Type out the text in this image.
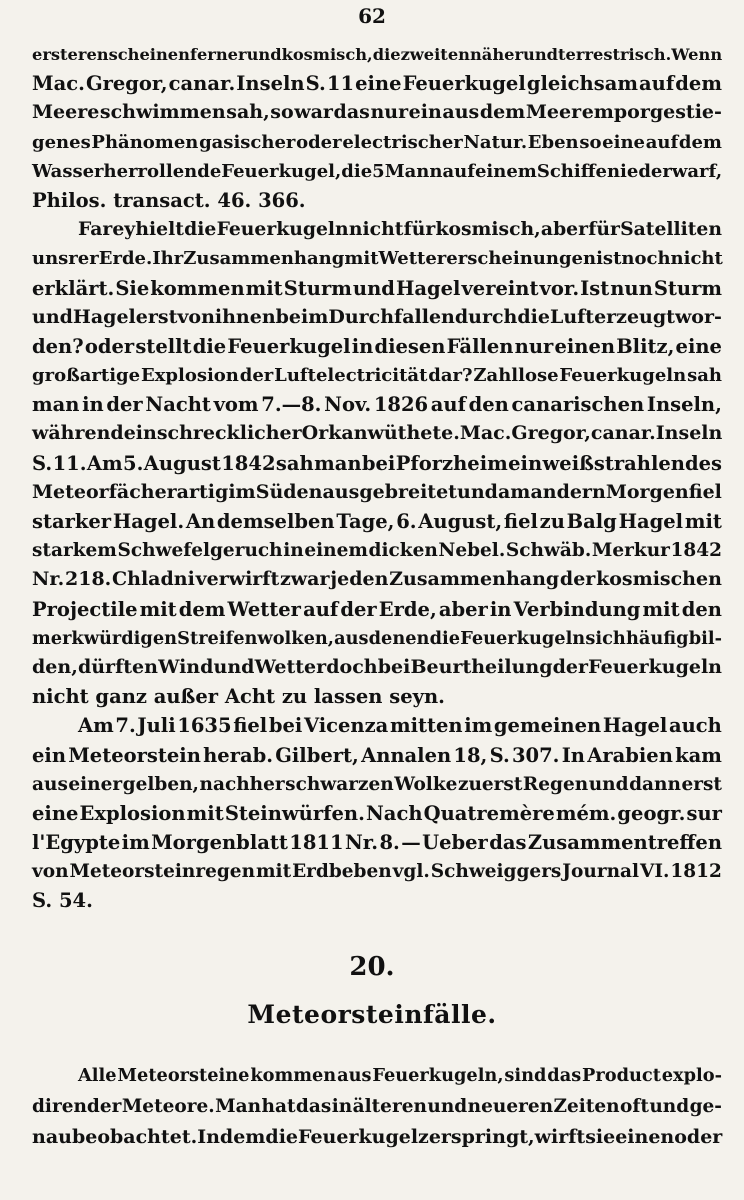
62
ersteren scheinen ferner und kosmisch, die zweiten näher und terrestrisch. Wenn
Mac. Gregor, canar. Inseln S. 11 eine Feuerkugel gleichsam auf dem
Meere schwimmen sah, so war das nur ein aus dem Meer emporgestie-
genes Phänomen gasischer oder electrischer Natur. Eben so eine auf dem
Wasser herrollende Feuerkugel, die 5 Mann auf einem Schiffe niederwarf,
Philos. transact. 46. 366.
Farey hielt die Feuerkugeln nicht für kosmisch, aber für Satelliten
unsrer Erde. Ihr Zusammenhang mit Wettererscheinungen ist noch nicht
erklärt. Sie kommen mit Sturm und Hagel vereint vor. Ist nun Sturm
und Hagel erst von ihnen beim Durchfallen durch die Luft erzeugt wor-
den? oder stellt die Feuerkugel in diesen Fällen nur einen Blitz, eine
großartige Explosion der Luftelectricität dar? Zahllose Feuerkugeln sah
man in der Nacht vom 7.—8. Nov. 1826 auf den canarischen Inseln,
während ein schrecklicher Orkan wüthete. Mac. Gregor, canar. Inseln
S. 11. Am 5. August 1842 sah man bei Pforzheim ein weißstrahlendes
Meteor fächerartig im Süden ausgebreitet und am andern Morgen fiel
starker Hagel. An demselben Tage, 6. August, fiel zu Balg Hagel mit
starkem Schwefelgeruch in einem dicken Nebel. Schwäb. Merkur 1842
Nr. 218. Chladni verwirft zwar jeden Zusammenhang der kosmischen
Projectile mit dem Wetter auf der Erde, aber in Verbindung mit den
merkwürdigen Streifenwolken, aus denen die Feuerkugeln sich häufig bil-
den, dürften Wind und Wetter doch bei Beurtheilung der Feuerkugeln
nicht ganz außer Acht zu lassen seyn.
Am 7. Juli 1635 fiel bei Vicenza mitten im gemeinen Hagel auch
ein Meteorstein herab. Gilbert, Annalen 18, S. 307. In Arabien kam
aus einer gelben, nachher schwarzen Wolke zuerst Regen und dann erst
eine Explosion mit Steinwürfen. Nach Quatremère mém. geogr. sur
l'Egypte im Morgenblatt 1811 Nr. 8. — Ueber das Zusammentreffen
von Meteorsteinregen mit Erdbeben vgl. Schweiggers Journal VI. 1812
S. 54.
20.
Meteorsteinfälle.
Alle Meteorsteine kommen aus Feuerkugeln, sind das Product explo-
dirender Meteore. Man hat das in älteren und neueren Zeiten oft und ge-
nau beobachtet. Indem die Feuerkugel zerspringt, wirft sie einen oder
